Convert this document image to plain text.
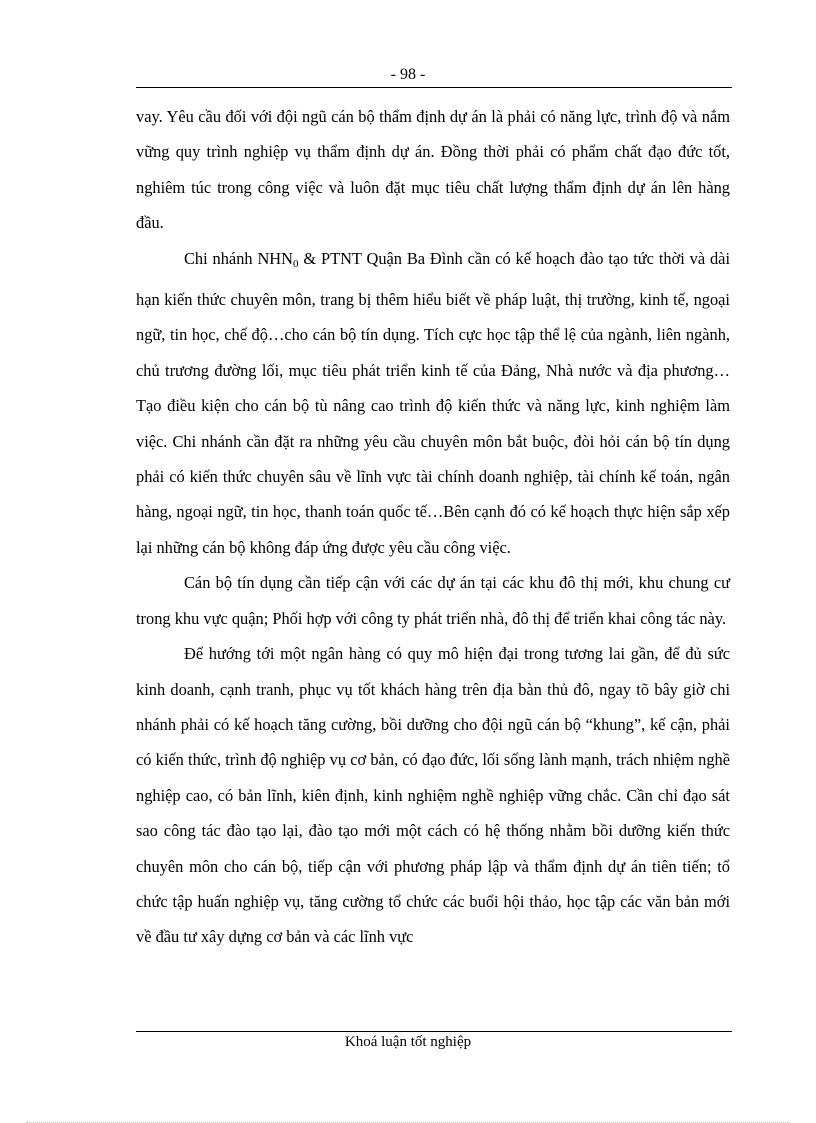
- 98 -

vay. Yêu cầu đối với đội ngũ cán bộ thẩm định dự án là phải có năng lực, trình độ và nắm vững quy trình nghiệp vụ thẩm định dự án. Đồng thời phải có phẩm chất đạo đức tốt, nghiêm túc trong công việc và luôn đặt mục tiêu chất lượng thẩm định dự án lên hàng đầu.

Chi nhánh $NHN_0$ & PTNT Quận Ba Đình cần có kế hoạch đào tạo tức thời và dài hạn kiến thức chuyên môn, trang bị thêm hiểu biết về pháp luật, thị trường, kinh tế, ngoại ngữ, tin học, chế độ…cho cán bộ tín dụng. Tích cực học tập thể lệ của ngành, liên ngành, chủ trương đường lối, mục tiêu phát triển kinh tế của Đảng, Nhà nước và địa phương…Tạo điều kiện cho cán bộ tù nâng cao trình độ kiến thức và năng lực, kinh nghiệm làm việc. Chi nhánh cần đặt ra những yêu cầu chuyên môn bắt buộc, đòi hỏi cán bộ tín dụng phải có kiến thức chuyên sâu về lĩnh vực tài chính doanh nghiệp, tài chính kế toán, ngân hàng, ngoại ngữ, tin học, thanh toán quốc tế…Bên cạnh đó có kế hoạch thực hiện sắp xếp lại những cán bộ không đáp ứng được yêu cầu công việc.

Cán bộ tín dụng cần tiếp cận với các dự án tại các khu đô thị mới, khu chung cư trong khu vực quận; Phối hợp với công ty phát triển nhà, đô thị để triển khai công tác này.

Để hướng tới một ngân hàng có quy mô hiện đại trong tương lai gần, để đủ sức kinh doanh, cạnh tranh, phục vụ tốt khách hàng trên địa bàn thủ đô, ngay tõ bây giờ chi nhánh phải có kế hoạch tăng cường, bồi dưỡng cho đội ngũ cán bộ “khung”, kế cận, phải có kiến thức, trình độ nghiệp vụ cơ bản, có đạo đức, lối sống lành mạnh, trách nhiệm nghề nghiệp cao, có bản lĩnh, kiên định, kinh nghiệm nghề nghiệp vững chắc. Cần chỉ đạo sát sao công tác đào tạo lại, đào tạo mới một cách có hệ thống nhằm bồi dưỡng kiến thức chuyên môn cho cán bộ, tiếp cận với phương pháp lập và thẩm định dự án tiên tiến; tổ chức tập huấn nghiệp vụ, tăng cường tổ chức các buổi hội thảo, học tập các văn bản mới về đầu tư xây dựng cơ bản và các lĩnh vực

Khoá luận tốt nghiệp
